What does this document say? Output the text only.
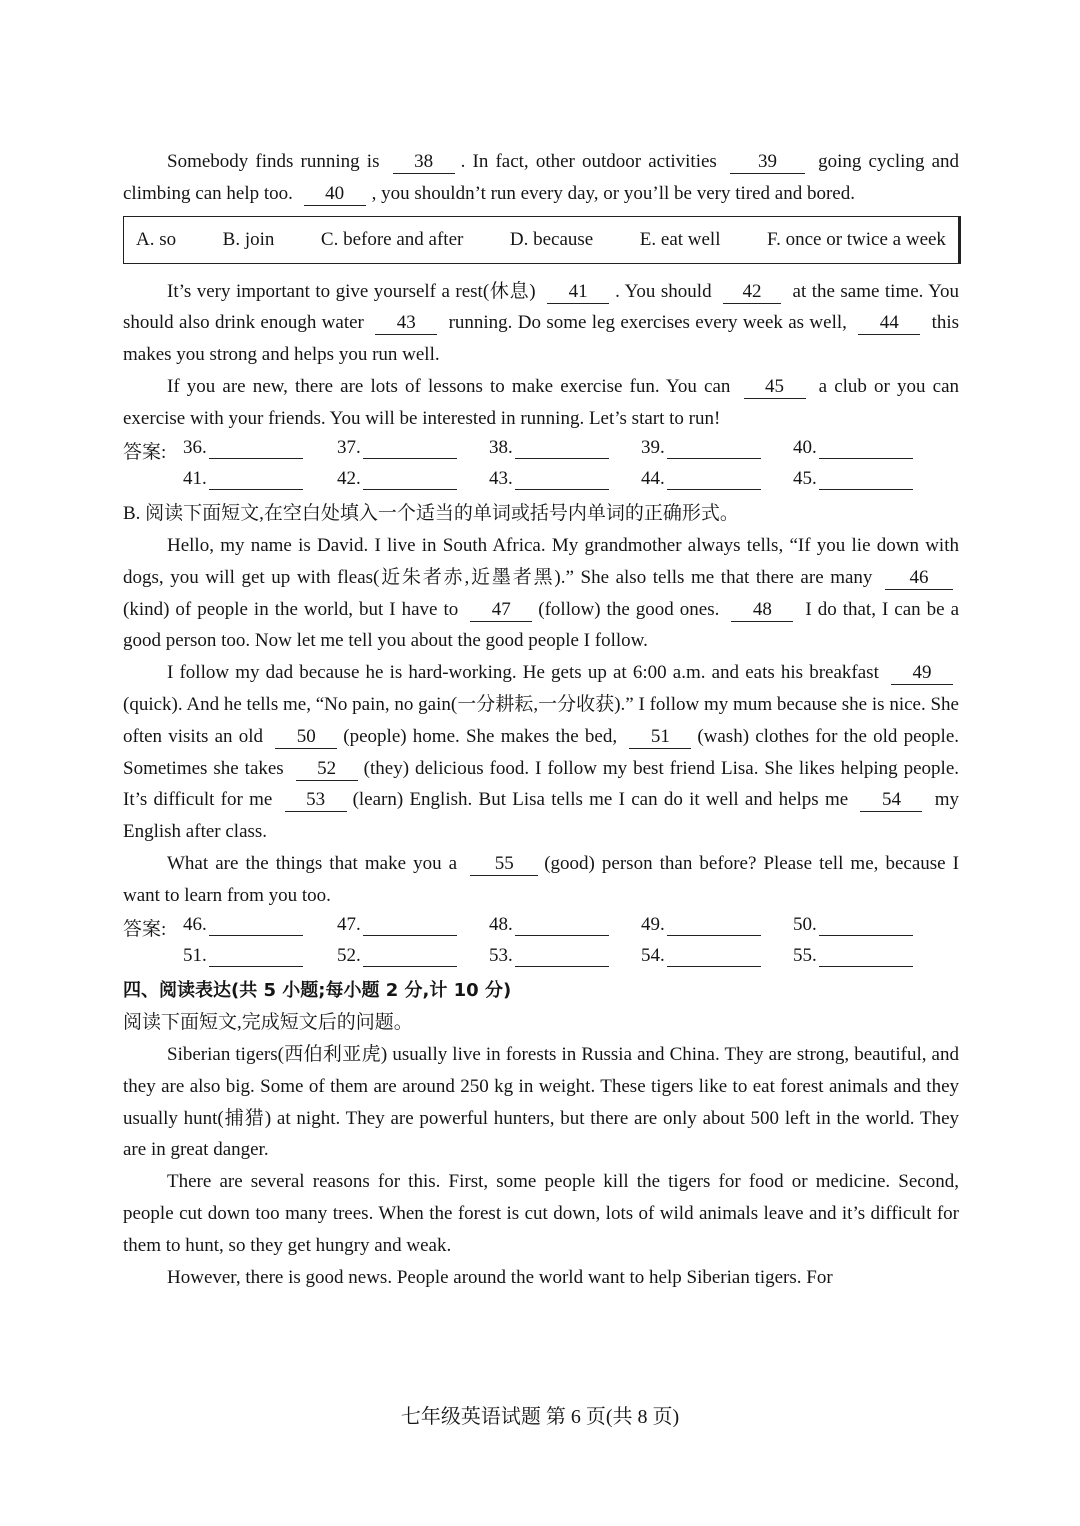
Somebody finds running is 38 . In fact, other outdoor activities 39 going cycling and climbing can help too. 40 , you shouldn’t run every day, or you’ll be very tired and bored.

A. so B. join C. before and after D. because E. eat well F. once or twice a week

It’s very important to give yourself a rest(休息) 41 . You should 42 at the same time. You should also drink enough water 43 running. Do some leg exercises every week as well, 44 this makes you strong and helps you run well.

If you are new, there are lots of lessons to make exercise fun. You can 45 a club or you can exercise with your friends. You will be interested in running. Let’s start to run!

答案: 36.	37.	38.	39.	40.
41.	42.	43.	44.	45.

B. 阅读下面短文,在空白处填入一个适当的单词或括号内单词的正确形式。

Hello, my name is David. I live in South Africa. My grandmother always tells, “If you lie down with dogs, you will get up with fleas(近朱者赤,近墨者黑).” She also tells me that there are many 46(kind) of people in the world, but I have to 47 (follow) the good ones. 48 I do that, I can be a good person too. Now let me tell you about the good people I follow.

I follow my dad because he is hard-working. He gets up at 6:00 a.m. and eats his breakfast 49(quick). And he tells me, “No pain, no gain(一分耕耘,一分收获).” I follow my mum because she is nice. She often visits an old 50 (people) home. She makes the bed, 51 (wash) clothes for the old people. Sometimes she takes 52 (they) delicious food. I follow my best friend Lisa. She likes helping people. It’s difficult for me 53 (learn) English. But Lisa tells me I can do it well and helps me 54 my English after class.

What are the things that make you a 55 (good) person than before? Please tell me, because I want to learn from you too.

答案: 46.	47.	48.	49.	50.
51.	52.	53.	54.	55.

四、阅读表达(共 5 小题;每小题 2 分,计 10 分)

阅读下面短文,完成短文后的问题。

Siberian tigers(西伯利亚虎) usually live in forests in Russia and China. They are strong, beautiful, and they are also big. Some of them are around 250 kg in weight. These tigers like to eat forest animals and they usually hunt(捕猎) at night. They are powerful hunters, but there are only about 500 left in the world. They are in great danger.

There are several reasons for this. First, some people kill the tigers for food or medicine. Second, people cut down too many trees. When the forest is cut down, lots of wild animals leave and it’s difficult for them to hunt, so they get hungry and weak.

However, there is good news. People around the world want to help Siberian tigers. For

七年级英语试题 第 6 页(共 8 页)
